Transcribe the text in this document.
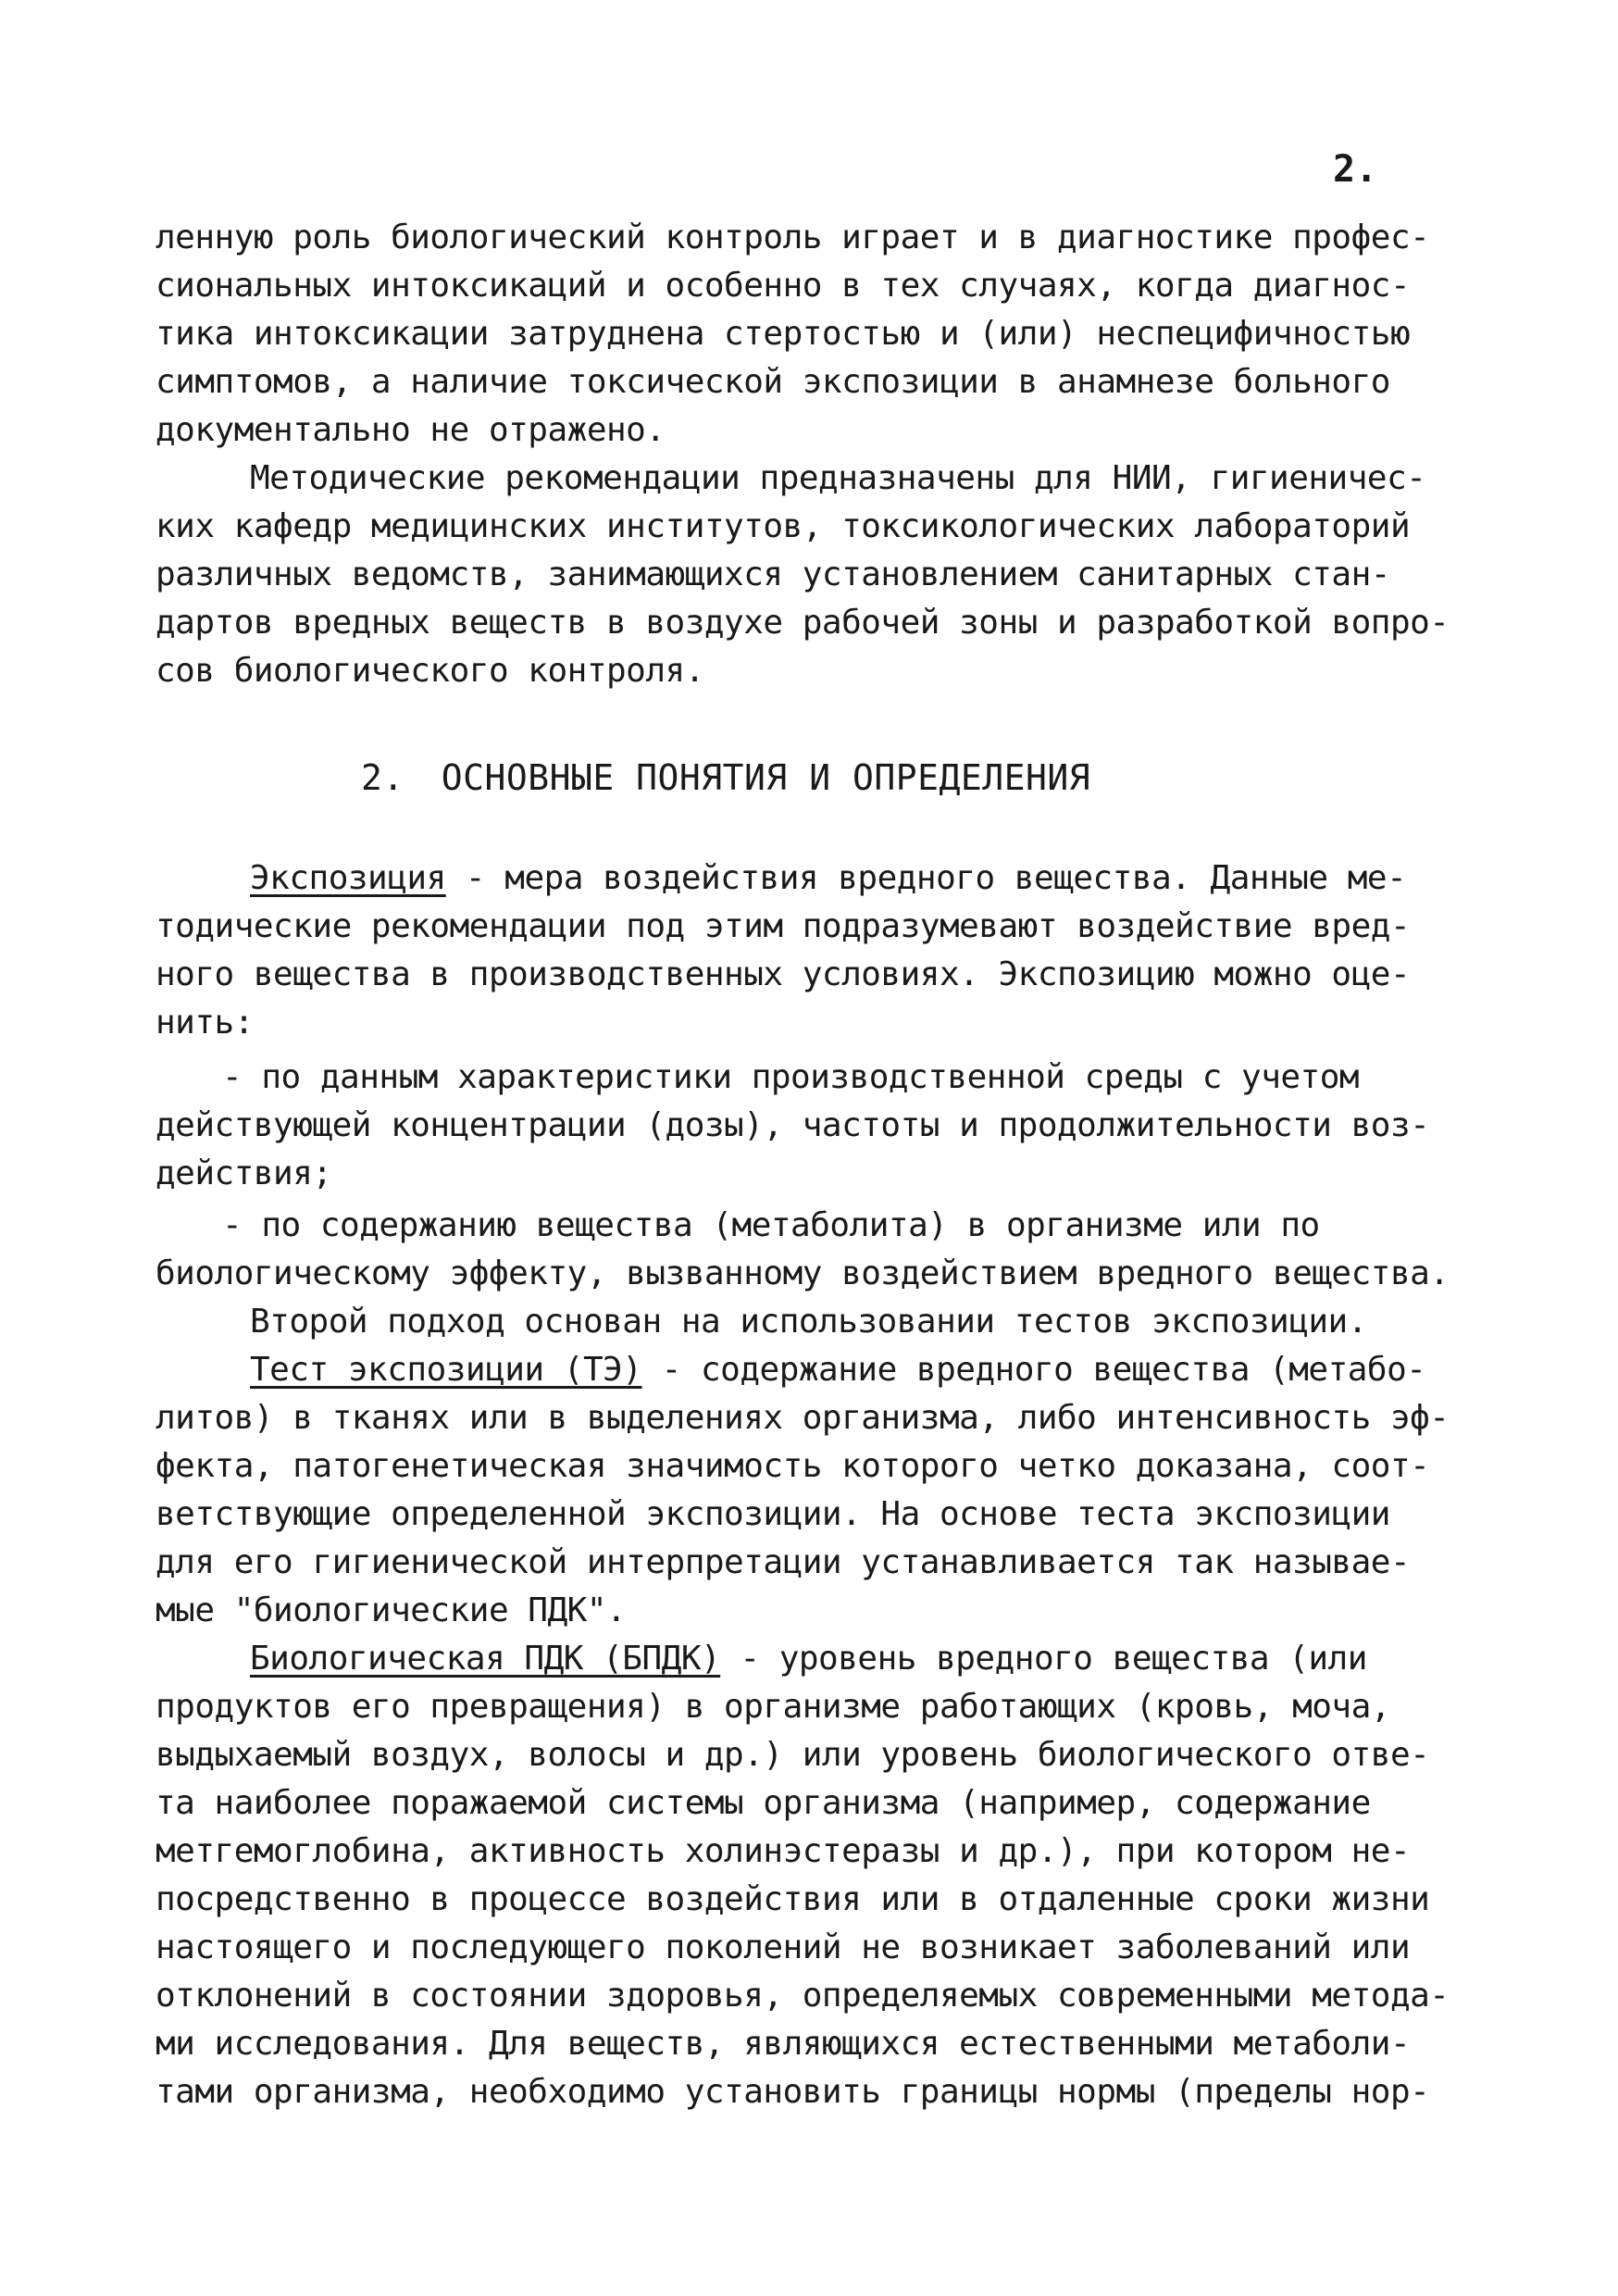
2.
ленную роль биологический контроль играет и в диагностике профес-
сиональных интоксикаций и особенно в тех случаях, когда диагнос-
тика интоксикации затруднена стертостью и (или) неспецифичностью
симптомов, а наличие токсической экспозиции в анамнезе больного
документально не отражено.
Методические рекомендации предназначены для НИИ, гигиеничес-
ких кафедр медицинских институтов, токсикологических лабораторий
различных ведомств, занимающихся установлением санитарных стан-
дартов вредных веществ в воздухе рабочей зоны и разработкой вопро-
сов биологического контроля.
2. ОСНОВНЫЕ ПОНЯТИЯ И ОПРЕДЕЛЕНИЯ
Экспозиция - мера воздействия вредного вещества. Данные ме-
тодические рекомендации под этим подразумевают воздействие вред-
ного вещества в производственных условиях. Экспозицию можно оце-
нить:
- по данным характеристики производственной среды с учетом
действующей концентрации (дозы), частоты и продолжительности воз-
действия;
- по содержанию вещества (метаболита) в организме или по
биологическому эффекту, вызванному воздействием вредного вещества.
Второй подход основан на использовании тестов экспозиции.
Тест экспозиции (ТЭ) - содержание вредного вещества (метабо-
литов) в тканях или в выделениях организма, либо интенсивность эф-
фекта, патогенетическая значимость которого четко доказана, соот-
ветствующие определенной экспозиции. На основе теста экспозиции
для его гигиенической интерпретации устанавливается так называе-
мые "биологические ПДК".
Биологическая ПДК (БПДК) - уровень вредного вещества (или
продуктов его превращения) в организме работающих (кровь, моча,
выдыхаемый воздух, волосы и др.) или уровень биологического отве-
та наиболее поражаемой системы организма (например, содержание
метгемоглобина, активность холинэстеразы и др.), при котором не-
посредственно в процессе воздействия или в отдаленные сроки жизни
настоящего и последующего поколений не возникает заболеваний или
отклонений в состоянии здоровья, определяемых современными метода-
ми исследования. Для веществ, являющихся естественными метаболи-
тами организма, необходимо установить границы нормы (пределы нор-
